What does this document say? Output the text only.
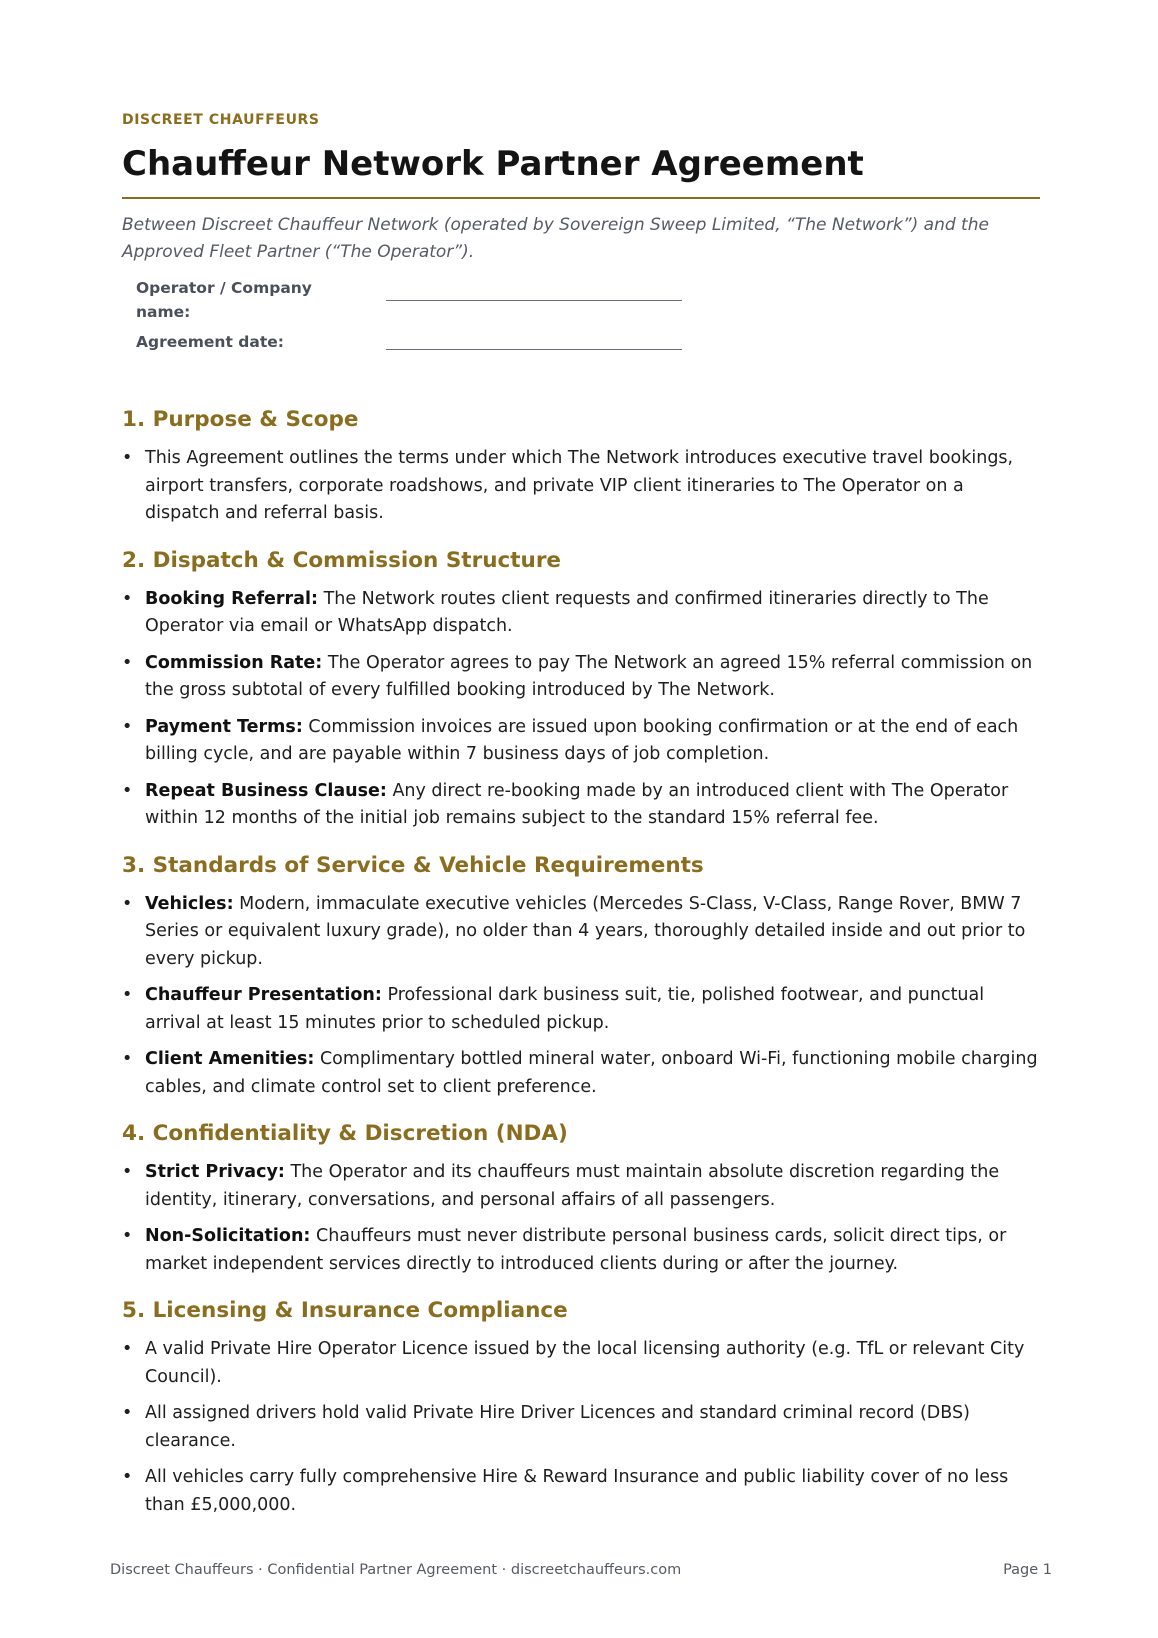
DISCREET CHAUFFEURS
Chauffeur Network Partner Agreement

Between Discreet Chauffeur Network (operated by Sovereign Sweep Limited, “The Network”) and the Approved Fleet Partner (“The Operator”).

Operator / Company name:
Agreement date:
1. Purpose & Scope
• This Agreement outlines the terms under which The Network introduces executive travel bookings, airport transfers, corporate roadshows, and private VIP client itineraries to The Operator on a dispatch and referral basis.
2. Dispatch & Commission Structure
• Booking Referral: The Network routes client requests and confirmed itineraries directly to The Operator via email or WhatsApp dispatch.
• Commission Rate: The Operator agrees to pay The Network an agreed 15% referral commission on the gross subtotal of every fulfilled booking introduced by The Network.
• Payment Terms: Commission invoices are issued upon booking confirmation or at the end of each billing cycle, and are payable within 7 business days of job completion.
• Repeat Business Clause: Any direct re-booking made by an introduced client with The Operator within 12 months of the initial job remains subject to the standard 15% referral fee.
3. Standards of Service & Vehicle Requirements
• Vehicles: Modern, immaculate executive vehicles (Mercedes S-Class, V-Class, Range Rover, BMW 7 Series or equivalent luxury grade), no older than 4 years, thoroughly detailed inside and out prior to every pickup.
• Chauffeur Presentation: Professional dark business suit, tie, polished footwear, and punctual arrival at least 15 minutes prior to scheduled pickup.
• Client Amenities: Complimentary bottled mineral water, onboard Wi-Fi, functioning mobile charging cables, and climate control set to client preference.
4. Confidentiality & Discretion (NDA)
• Strict Privacy: The Operator and its chauffeurs must maintain absolute discretion regarding the identity, itinerary, conversations, and personal affairs of all passengers.
• Non-Solicitation: Chauffeurs must never distribute personal business cards, solicit direct tips, or market independent services directly to introduced clients during or after the journey.
5. Licensing & Insurance Compliance
• A valid Private Hire Operator Licence issued by the local licensing authority (e.g. TfL or relevant City Council).
• All assigned drivers hold valid Private Hire Driver Licences and standard criminal record (DBS) clearance.
• All vehicles carry fully comprehensive Hire & Reward Insurance and public liability cover of no less than £5,000,000.
Discreet Chauffeurs · Confidential Partner Agreement · discreetchauffeurs.com	Page 1
